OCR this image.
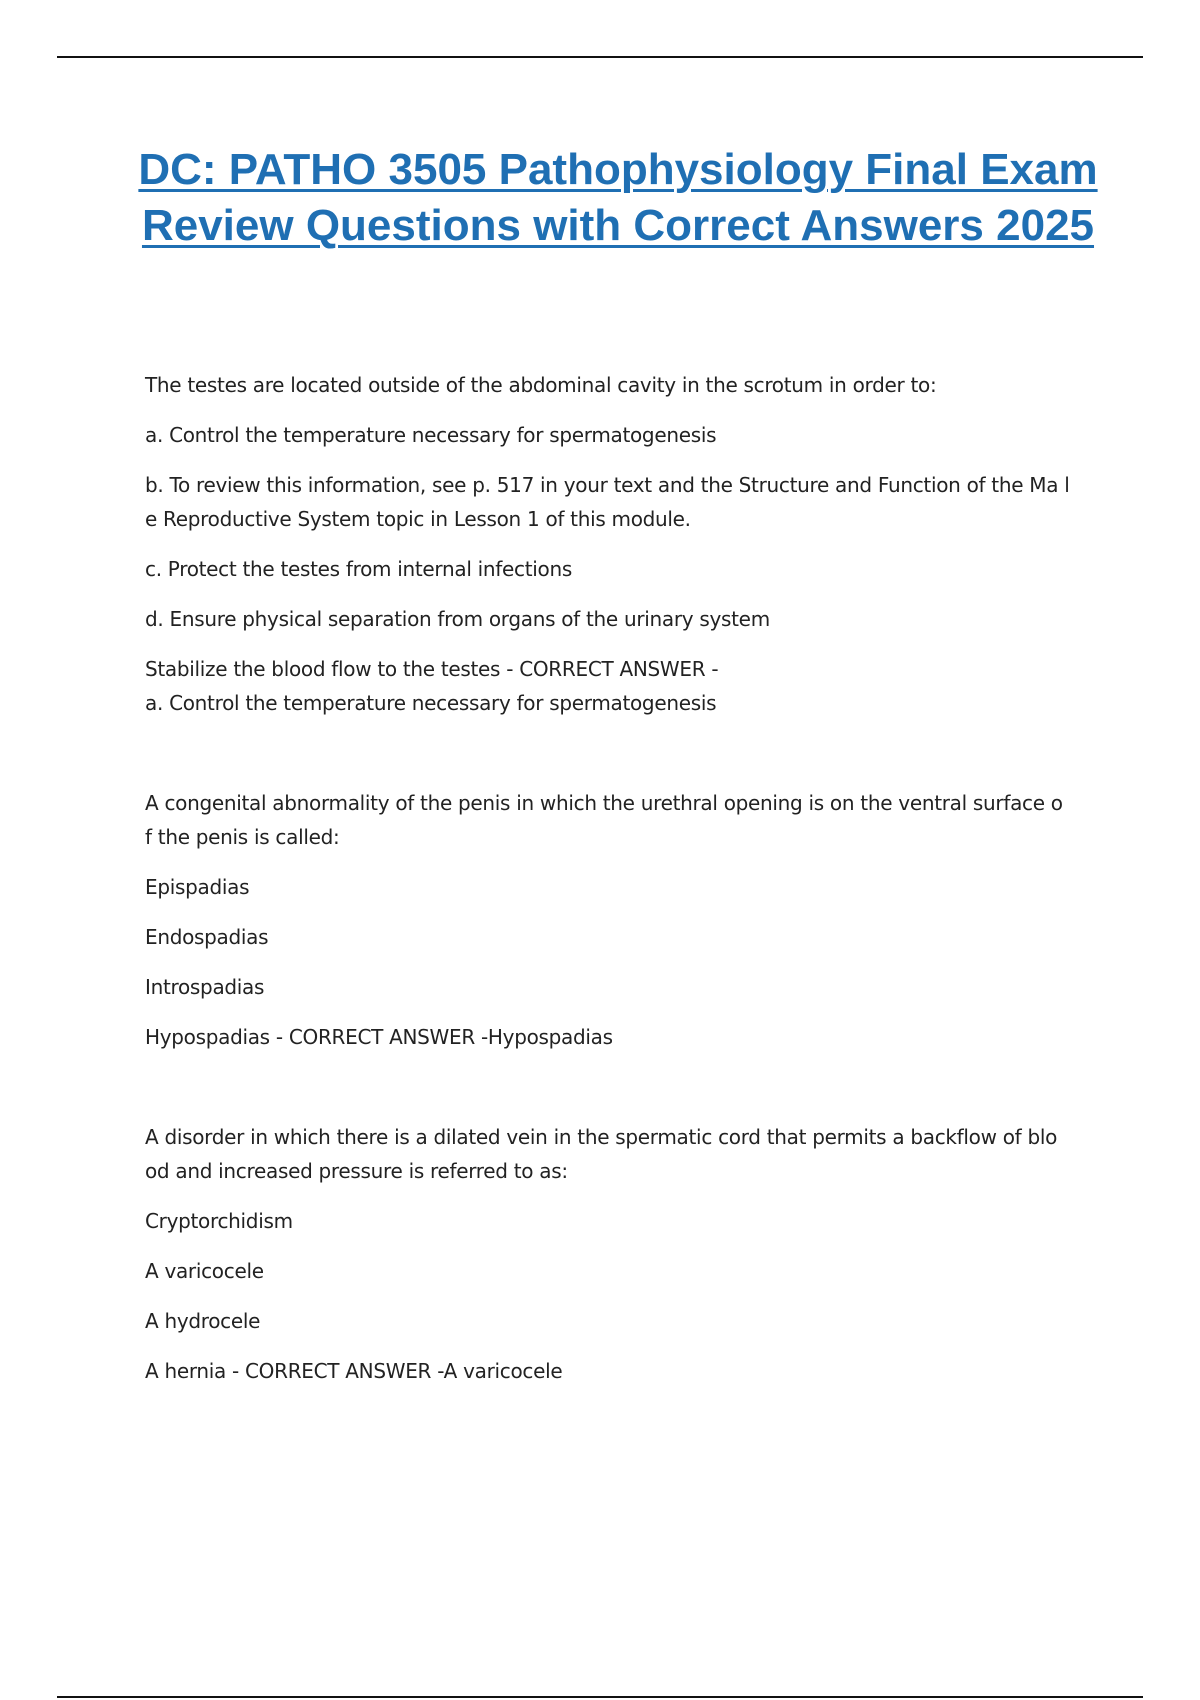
DC: PATHO 3505 Pathophysiology Final Exam Review Questions with Correct Answers 2025

The testes are located outside of the abdominal cavity in the scrotum in order to:

a. Control the temperature necessary for spermatogenesis

b. To review this information, see p. 517 in your text and the Structure and Function of the Ma le Reproductive System topic in Lesson 1 of this module.

c. Protect the testes from internal infections

d. Ensure physical separation from organs of the urinary system

Stabilize the blood flow to the testes - CORRECT ANSWER -

a. Control the temperature necessary for spermatogenesis

A congenital abnormality of the penis in which the urethral opening is on the ventral surface o f the penis is called:

Epispadias

Endospadias

Introspadias

Hypospadias - CORRECT ANSWER -Hypospadias

A disorder in which there is a dilated vein in the spermatic cord that permits a backflow of blo od and increased pressure is referred to as:

Cryptorchidism

A varicocele

A hydrocele

A hernia - CORRECT ANSWER -A varicocele
